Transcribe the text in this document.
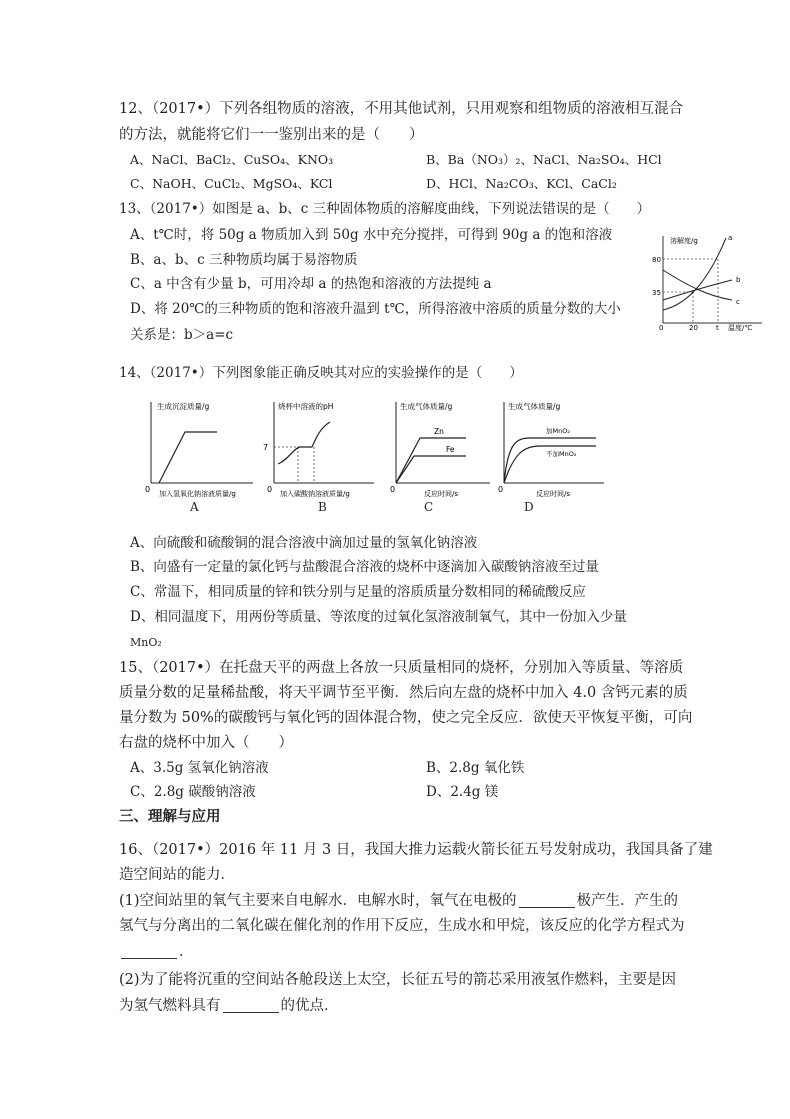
12、（2017•）下列各组物质的溶液，不用其他试剂，只用观察和组物质的溶液相互混合
的方法，就能将它们一一鉴别出来的是（　　）
A、NaCl、BaCl₂、CuSO₄、KNO₃	B、Ba（NO₃）₂、NaCl、Na₂SO₄、HCl
C、NaOH、CuCl₂、MgSO₄、KCl	D、HCl、Na₂CO₃、KCl、CaCl₂
13、（2017•）如图是 a、b、c 三种固体物质的溶解度曲线，下列说法错误的是（　　）
A、t℃时，将 50g a 物质加入到 50g 水中充分搅拌，可得到 90g a 的饱和溶液
B、a、b、c 三种物质均属于易溶物质
C、a 中含有少量 b，可用冷却 a 的热饱和溶液的方法提纯 a
D、将 20℃的三种物质的饱和溶液升温到 t℃，所得溶液中溶质的质量分数的大小
关系是：b＞a=c
溶解度/g
温度/℃
80
35
0	20	t
a
b
c
14、（2017•）下列图象能正确反映其对应的实验操作的是（　　）
生成沉淀质量/g
0 加入氢氧化钠溶液质量/g
烧杯中溶液的pH
7
0 加入碳酸钠溶液质量/g
生成气体质量/g
0	反应时间/s
Zn
Fe
生成气体质量/g
0	反应时间/s
加MnO₂
不加MnO₂
A	B	C	D
A、向硫酸和硫酸铜的混合溶液中滴加过量的氢氧化钠溶液
B、向盛有一定量的氯化钙与盐酸混合溶液的烧杯中逐滴加入碳酸钠溶液至过量
C、常温下，相同质量的锌和铁分别与足量的溶质质量分数相同的稀硫酸反应
D、相同温度下，用两份等质量、等浓度的过氧化氢溶液制氧气，其中一份加入少量
MnO₂
15、（2017•）在托盘天平的两盘上各放一只质量相同的烧杯，分别加入等质量、等溶质
质量分数的足量稀盐酸，将天平调节至平衡．然后向左盘的烧杯中加入 4.0 含钙元素的质
量分数为 50%的碳酸钙与氧化钙的固体混合物，使之完全反应．欲使天平恢复平衡，可向
右盘的烧杯中加入（　　）
A、3.5g 氢氧化钠溶液	B、2.8g 氧化铁
C、2.8g 碳酸钠溶液	D、2.4g 镁
三、理解与应用
16、（2017•）2016 年 11 月 3 日，我国大推力运载火箭长征五号发射成功，我国具备了建
造空间站的能力．
(1)空间站里的氧气主要来自电解水．电解水时，氧气在电极的	极产生．产生的
氢气与分离出的二氧化碳在催化剂的作用下反应，生成水和甲烷，该反应的化学方程式为
．
(2)为了能将沉重的空间站各舱段送上太空，长征五号的箭芯采用液氢作燃料，主要是因
为氢气燃料具有	的优点．
